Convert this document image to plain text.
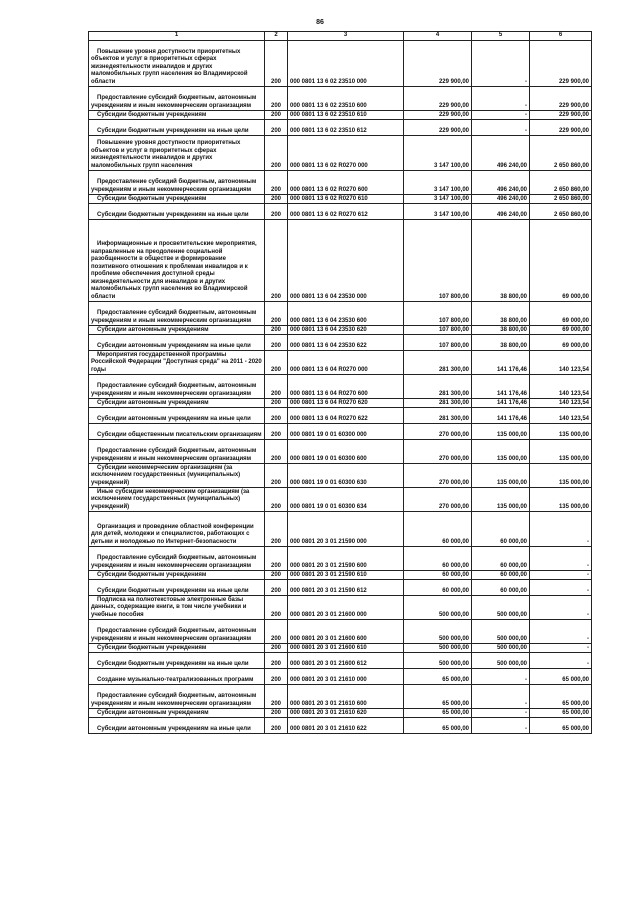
86
1	2	3	4	5	6

Повышение уровня доступности приоритетных объектов и услуг в приоритетных сферах жизнедеятельности инвалидов и других маломобильных групп населения во Владимирской области	200	000 0801 13 6 02 23510 000	229 900,00	-	229 900,00

Предоставление субсидий бюджетным, автономным учреждениям и иным некоммерческим организациям	200	000 0801 13 6 02 23510 600	229 900,00	-	229 900,00

Субсидии бюджетным учреждениям	200	000 0801 13 6 02 23510 610	229 900,00	-	229 900,00

Субсидии бюджетным учреждениям на иные цели	200	000 0801 13 6 02 23510 612	229 900,00	-	229 900,00

Повышение уровня доступности приоритетных объектов и услуг в приоритетных сферах жизнедеятельности инвалидов и других маломобильных групп населения	200	000 0801 13 6 02 R0270 000	3 147 100,00	496 240,00	2 650 860,00

Предоставление субсидий бюджетным, автономным учреждениям и иным некоммерческим организациям	200	000 0801 13 6 02 R0270 600	3 147 100,00	496 240,00	2 650 860,00

Субсидии бюджетным учреждениям	200	000 0801 13 6 02 R0270 610	3 147 100,00	496 240,00	2 650 860,00

Субсидии бюджетным учреждениям на иные цели	200	000 0801 13 6 02 R0270 612	3 147 100,00	496 240,00	2 650 860,00

Информационные и просветительские мероприятия, направленные на преодоление социальной разобщенности в обществе и формирование позитивного отношения к проблемам инвалидов и к проблеме обеспечения доступной среды жизнедеятельности для инвалидов и других маломобильных групп населения во Владимирской области	200	000 0801 13 6 04 23530 000	107 800,00	38 800,00	69 000,00

Предоставление субсидий бюджетным, автономным учреждениям и иным некоммерческим организациям	200	000 0801 13 6 04 23530 600	107 800,00	38 800,00	69 000,00

Субсидии автономным учреждениям	200	000 0801 13 6 04 23530 620	107 800,00	38 800,00	69 000,00

Субсидии автономным учреждениям на иные цели	200	000 0801 13 6 04 23530 622	107 800,00	38 800,00	69 000,00

Мероприятия государственной программы Российской Федерации "Доступная среда" на 2011 - 2020 годы	200	000 0801 13 6 04 R0270 000	281 300,00	141 176,46	140 123,54

Предоставление субсидий бюджетным, автономным учреждениям и иным некоммерческим организациям	200	000 0801 13 6 04 R0270 600	281 300,00	141 176,46	140 123,54

Субсидии автономным учреждениям	200	000 0801 13 6 04 R0270 620	281 300,00	141 176,46	140 123,54

Субсидии автономным учреждениям на иные цели	200	000 0801 13 6 04 R0270 622	281 300,00	141 176,46	140 123,54

Субсидии общественным писательским организациям	200	000 0801 19 0 01 60300 000	270 000,00	135 000,00	135 000,00

Предоставление субсидий бюджетным, автономным учреждениям и иным некоммерческим организациям	200	000 0801 19 0 01 60300 600	270 000,00	135 000,00	135 000,00

Субсидии некоммерческим организациям (за исключением государственных (муниципальных) учреждений)	200	000 0801 19 0 01 60300 630	270 000,00	135 000,00	135 000,00

Иные субсидии некоммерческим организациям (за исключением государственных (муниципальных) учреждений)	200	000 0801 19 0 01 60300 634	270 000,00	135 000,00	135 000,00

Организация и проведение областной конференции для детей, молодежи и специалистов, работающих с детьми и молодежью по Интернет-безопасности	200	000 0801 20 3 01 21590 000	60 000,00	60 000,00	-

Предоставление субсидий бюджетным, автономным учреждениям и иным некоммерческим организациям	200	000 0801 20 3 01 21590 600	60 000,00	60 000,00	-

Субсидии бюджетным учреждениям	200	000 0801 20 3 01 21590 610	60 000,00	60 000,00	-

Субсидии бюджетным учреждениям на иные цели	200	000 0801 20 3 01 21590 612	60 000,00	60 000,00	-

Подписка на полнотекстовые электронные базы данных, содержащие книги, в том числе учебники и учебные пособия	200	000 0801 20 3 01 21600 000	500 000,00	500 000,00	-

Предоставление субсидий бюджетным, автономным учреждениям и иным некоммерческим организациям	200	000 0801 20 3 01 21600 600	500 000,00	500 000,00	-

Субсидии бюджетным учреждениям	200	000 0801 20 3 01 21600 610	500 000,00	500 000,00	-

Субсидии бюджетным учреждениям на иные цели	200	000 0801 20 3 01 21600 612	500 000,00	500 000,00	-

Создание музыкально-театрализованных программ	200	000 0801 20 3 01 21610 000	65 000,00	-	65 000,00

Предоставление субсидий бюджетным, автономным учреждениям и иным некоммерческим организациям	200	000 0801 20 3 01 21610 600	65 000,00	-	65 000,00

Субсидии автономным учреждениям	200	000 0801 20 3 01 21610 620	65 000,00	-	65 000,00

Субсидии автономным учреждениям на иные цели	200	000 0801 20 3 01 21610 622	65 000,00	-	65 000,00
